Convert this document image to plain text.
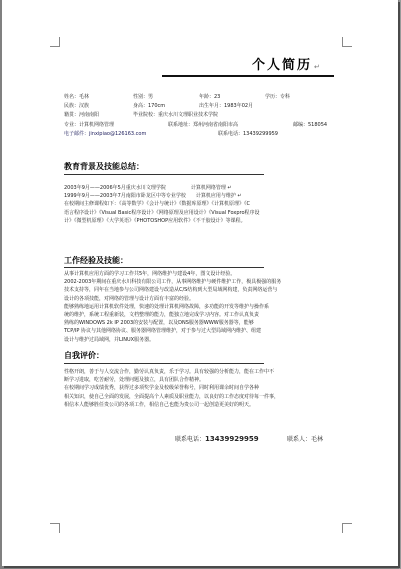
个人简历 ↵
姓名：毛林	性别：男	年龄：23	学历：专科
民族：汉族	身高：170cm	出生年月：1983年02月
籍贯：河南南阳	毕业院校：重庆水川文理职业技术学院
专业：计算机网络管理	联系地址：郑州河南省南阳市高	邮编：518054
电子邮件：jinxipiao@126163.com	联系电话：13439299959
教育背景及技能总结：

2003年9月——2006年5月重庆水川文理学院　　　　　计算机网络管理 ↵

1999年9月——2003年7月南阳市卧龙区中等专业学校　　计算机应用与维护 ↵

在校期间主修课程如下：《高等数学》《会计与统计》《数据库原理》《计算机原理》《C

语言程序设计》《Visual Basic程序设计》《网络原理及应用设计》《Visual Foxpro程序设

计》《微型机原理》《大学英语》《PHOTOSHOP应用软件》《不干胶设计》等课程。

工作经验及技能：

从事计算机应用方面的学习工作共5年，网络维护与建设4年，图文设计经验。

2002-2003年期间在重庆水川科技有限公司工作，从事网络维护与硬件维护工作，极具极强的服务

技术支持等，同年在当地参与公司网络建设与改造从C/S结构到大型局域网构建，负责网络运营与

设计的各项技能，对网络的管理与设计方面有丰富的经验。

能够熟练地运用计算机软件处理，快速的处理计算机网络故障，多功能的开发等维护与操作系

统的维护，系统工程重新装，文档整理的能力，能独立地完成学习内容。对工作认真负责

熟练的WINDOWS 2k IP 2003的安装与配置，以及DNS服务器WWW服务器等，能够

TCP/IP 协议与其他网络协议、服务器网络管理维护，对于参与过大型局域网内维护、组建

设计与维护过局域网，并LINUX服务器。

自我评价：

性格开朗，善于与人交流合作，勤劳认真负责，乐于学习。具有较强的分析能力，能在工作中不

断学习进取，吃苦耐劳，处理问题及独立，具有团队合作精神。

在校期间学习成绩优秀，获得过多项奖学金及校级荣誉称号，同时利用课余时间自学各种

相关知识，使自己全面的发展，全面提高个人素质及职业能力，以良好的工作态度对待每一件事，

相信本人能够胜任贵公司的各项工作，相信自己也能为贵公司一起创造更美好的明天。

联系电话：13439929959	联系人：毛林
